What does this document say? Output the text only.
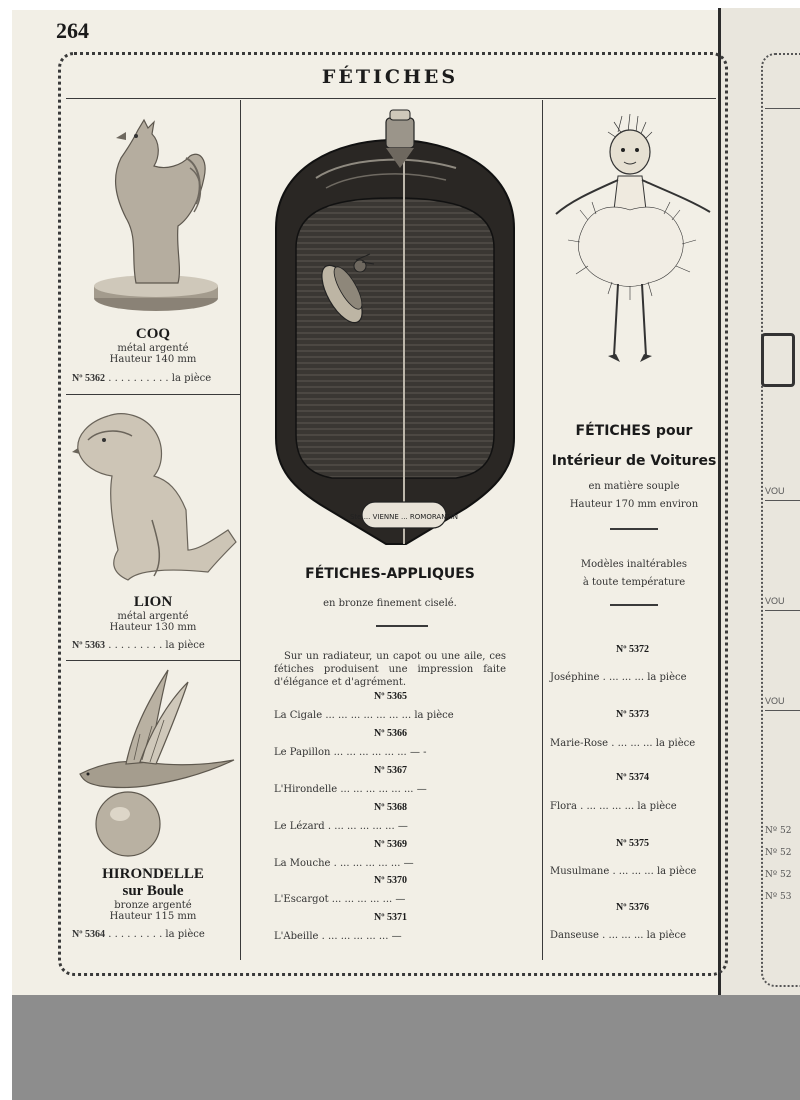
VOU
VOU
VOU
Nº 52
Nº 52
Nº 52
Nº 53
264
FÉTICHES
COQ
métal argenté
Hauteur 140 mm
Nº 5362 . . . . . . . . . . la pièce
LION
métal argenté
Hauteur 130 mm
Nº 5363 . . . . . . . . . la pièce
HIRONDELLE
sur Boule
bronze argenté
Hauteur 115 mm
Nº 5364 . . . . . . . . . la pièce
Ste ... VIENNE ... ROMORANTIN
FÉTICHES-APPLIQUES
en bronze finement ciselé.
Sur un radiateur, un capot ou une aile, ces fétiches produisent une impression faite d'élégance et d'agrément.
Nº 5365
La Cigale ... ... ... ... ... ... ... la pièce
Nº 5366
Le Papillon ... ... ... ... ... ... — -
Nº 5367
L'Hirondelle ... ... ... ... ... ... —
Nº 5368
Le Lézard . ... ... ... ... ... —
Nº 5369
La Mouche . ... ... ... ... ... —
Nº 5370
L'Escargot ... ... ... ... ... —
Nº 5371
L'Abeille . ... ... ... ... ... —
FÉTICHES pour
Intérieur de Voitures
en matière souple
Hauteur 170 mm environ
Modèles inaltérables
à toute température
Nº 5372
Joséphine . ... ... ... la pièce
Nº 5373
Marie-Rose . ... ... ... la pièce
Nº 5374
Flora . ... ... ... ... la pièce
Nº 5375
Musulmane . ... ... ... la pièce
Nº 5376
Danseuse . ... ... ... la pièce
